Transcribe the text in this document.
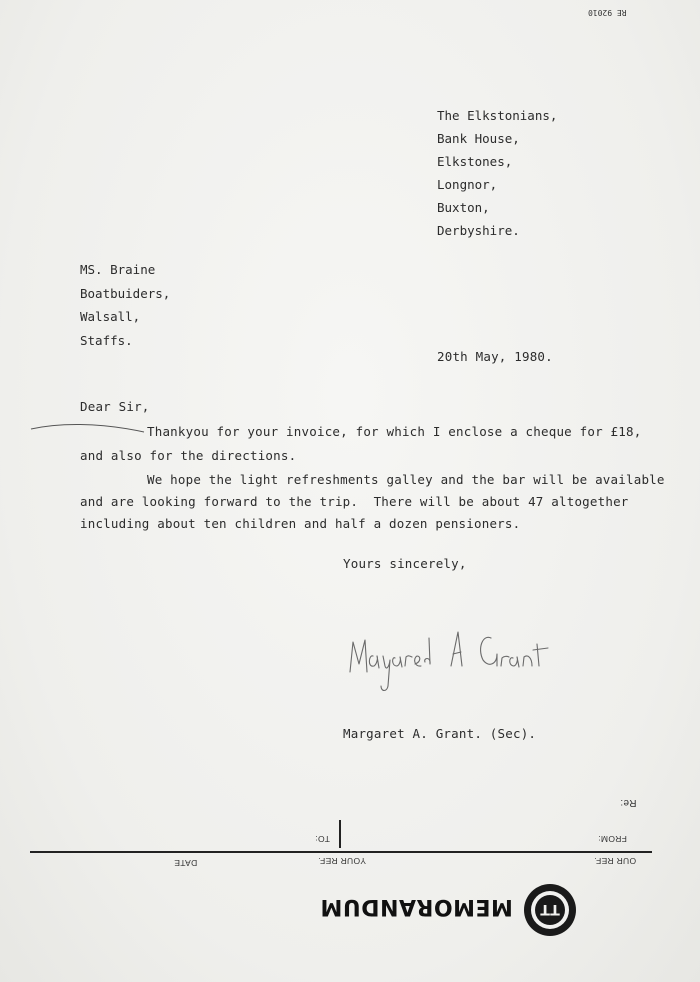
RE 92010
The Elkstonians,
Bank House,
Elkstones,
Longnor,
Buxton,
Derbyshire.
MS. Braine
Boatbuiders,
Walsall,
Staffs.
20th May, 1980.
Dear Sir,
Thankyou for your invoice, for which I enclose a cheque for £18,
and also for the directions.
We hope the light refreshments galley and the bar will be available
and are looking forward to the trip.  There will be about 47 altogether
including about ten children and half a dozen pensioners.
Yours sincerely,
Margaret A. Grant. (Sec).
Re:
FROM:
TO:
OUR REF.
YOUR REF.
DATE
MEMORANDUM TT
